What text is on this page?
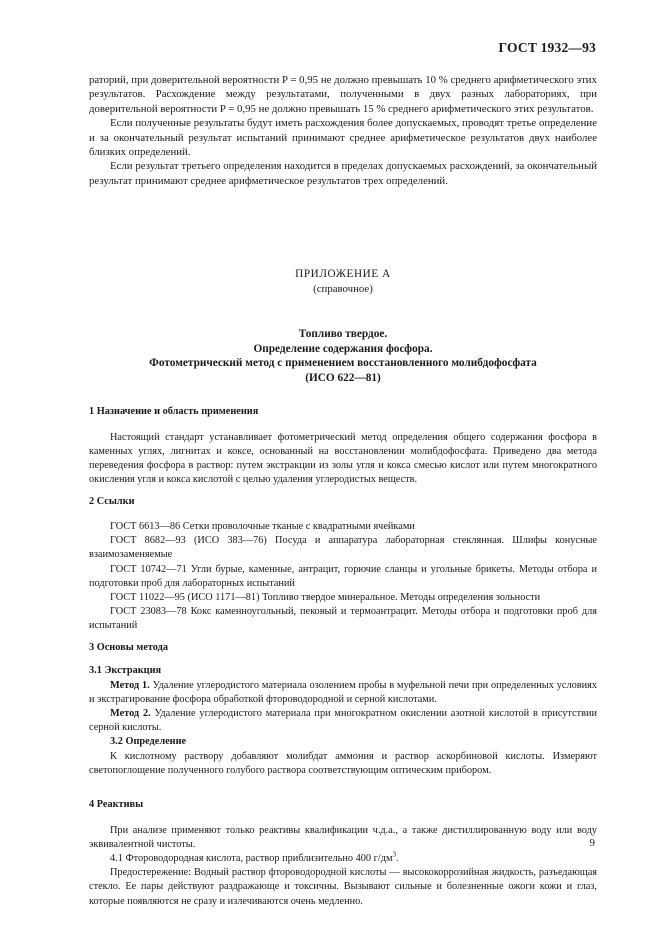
ГОСТ 1932—93

раторий, при доверительной вероятности P = 0,95 не должно превышать 10 % среднего арифметического этих результатов. Расхождение между результатами, полученными в двух разных лабораториях, при доверительной вероятности P = 0,95 не должно превышать 15 % среднего арифметического этих результатов.

Если полученные результаты будут иметь расхождения более допускаемых, проводят третье определение и за окончательный результат испытаний принимают среднее арифметическое результатов двух наиболее близких определений.

Если результат третьего определения находится в пределах допускаемых расхождений, за окончательный результат принимают среднее арифметическое результатов трех определений.

ПРИЛОЖЕНИЕ А
(справочное)
Топливо твердое.
Определение содержания фосфора.
Фотометрический метод с применением восстановленного молибдофосфата
(ИСО 622—81)
1 Назначение и область применения

Настоящий стандарт устанавливает фотометрический метод определения общего содержания фосфора в каменных углях, лигнитах и коксе, основанный на восстановлении молибдофосфата. Приведено два метода переведения фосфора в раствор: путем экстракции из золы угля и кокса смесью кислот или путем многократного окисления угля и кокса кислотой с целью удаления углеродистых веществ.

2 Ссылки

ГОСТ 6613—86 Сетки проволочные тканые с квадратными ячейками

ГОСТ 8682—93 (ИСО 383—76) Посуда и аппаратура лабораторная стеклянная. Шлифы конусные взаимозаменяемые

ГОСТ 10742—71 Угли бурые, каменные, антрацит, горючие сланцы и угольные брикеты. Методы отбора и подготовки проб для лабораторных испытаний

ГОСТ 11022—95 (ИСО 1171—81) Топливо твердое минеральное. Методы определения зольности

ГОСТ 23083—78 Кокс каменноугольный, пековый и термоантрацит. Методы отбора и подготовки проб для испытаний

3 Основы метода
3.1 Экстракция

Метод 1. Удаление углеродистого материала озолением пробы в муфельной печи при определенных условиях и экстрагирование фосфора обработкой фтороводородной и серной кислотами.

Метод 2. Удаление углеродистого материала при многократном окислении азотной кислотой в присутствии серной кислоты.

3.2 Определение

К кислотному раствору добавляют молибдат аммония и раствор аскорбиновой кислоты. Измеряют светопоглощение полученного голубого раствора соответствующим оптическим прибором.

4 Реактивы

При анализе применяют только реактивы квалификации ч.д.а., а также дистиллированную воду или воду эквивалентной чистоты.

4.1 Фтороводородная кислота, раствор приблизительно 400 $г/дм^3$.

Предостережение: Водный раствор фтороводородной кислоты — высококоррозийная жидкость, разъедающая стекло. Ее пары действуют раздражающе и токсичны. Вызывают сильные и болезненные ожоги кожи и глаз, которые появляются не сразу и излечиваются очень медленно.

9
